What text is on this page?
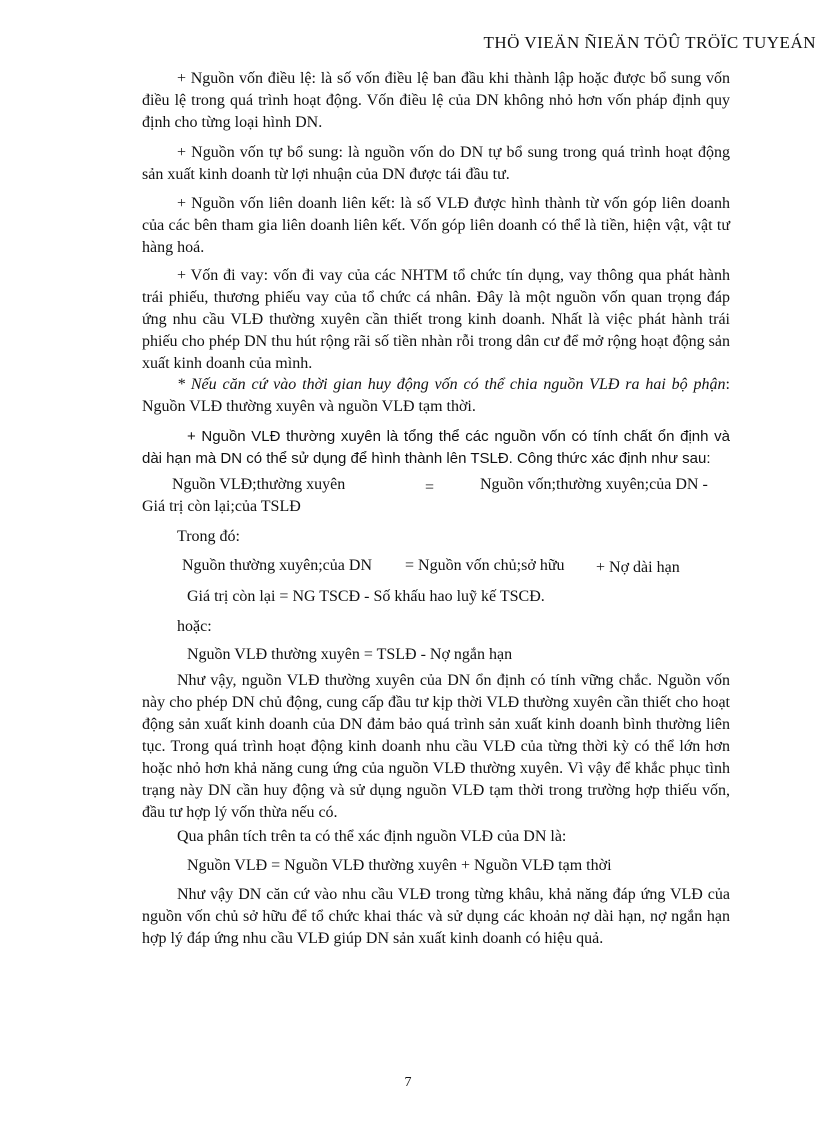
THÖ VIEÄN ÑIEÄN TÖÛ TRÖÏC TUYEÁN

+ Nguồn vốn điều lệ: là số vốn điều lệ ban đầu khi thành lập hoặc được bổ sung vốn điều lệ trong quá trình hoạt động. Vốn điều lệ của DN không nhỏ hơn vốn pháp định quy định cho từng loại hình DN.

+ Nguồn vốn tự bổ sung: là nguồn vốn do DN tự bổ sung trong quá trình hoạt động sản xuất kinh doanh từ lợi nhuận của DN được tái đầu tư.

+ Nguồn vốn liên doanh liên kết: là số VLĐ được hình thành từ vốn góp liên doanh của các bên tham gia liên doanh liên kết. Vốn góp liên doanh có thể là tiền, hiện vật, vật tư hàng hoá.

+ Vốn đi vay: vốn đi vay của các NHTM tổ chức tín dụng, vay thông qua phát hành trái phiếu, thương phiếu vay của tổ chức cá nhân. Đây là một nguồn vốn quan trọng đáp ứng nhu cầu VLĐ thường xuyên cần thiết trong kinh doanh. Nhất là việc phát hành trái phiếu cho phép DN thu hút rộng rãi số tiền nhàn rỗi trong dân cư để mở rộng hoạt động sản xuất kinh doanh của mình.

* Nếu căn cứ vào thời gian huy động vốn có thể chia nguồn VLĐ ra hai bộ phận: Nguồn VLĐ thường xuyên và nguồn VLĐ tạm thời.

+ Nguồn VLĐ thường xuyên là tổng thể các nguồn vốn có tính chất ổn định và dài hạn mà DN có thể sử dụng để hình thành lên TSLĐ. Công thức xác định như sau:

Nguồn VLĐ;thường xuyên	=	Nguồn vốn;thường xuyên;của DN -
Giá trị còn lại;của TSLĐ
Trong đó:
Nguồn thường xuyên;của DN = Nguồn vốn chủ;sở hữu + Nợ dài hạn
Giá trị còn lại = NG TSCĐ - Số khấu hao luỹ kế TSCĐ.
hoặc:
Nguồn VLĐ thường xuyên = TSLĐ - Nợ ngắn hạn

Như vậy, nguồn VLĐ thường xuyên của DN ổn định có tính vững chắc. Nguồn vốn này cho phép DN chủ động, cung cấp đầu tư kịp thời VLĐ thường xuyên cần thiết cho hoạt động sản xuất kinh doanh của DN đảm bảo quá trình sản xuất kinh doanh bình thường liên tục. Trong quá trình hoạt động kinh doanh nhu cầu VLĐ của từng thời kỳ có thể lớn hơn hoặc nhỏ hơn khả năng cung ứng của nguồn VLĐ thường xuyên. Vì vậy để khắc phục tình trạng này DN cần huy động và sử dụng nguồn VLĐ tạm thời trong trường hợp thiếu vốn, đầu tư hợp lý vốn thừa nếu có.

Qua phân tích trên ta có thể xác định nguồn VLĐ của DN là:
Nguồn VLĐ = Nguồn VLĐ thường xuyên + Nguồn VLĐ tạm thời

Như vậy DN căn cứ vào nhu cầu VLĐ trong từng khâu, khả năng đáp ứng VLĐ của nguồn vốn chủ sở hữu để tổ chức khai thác và sử dụng các khoản nợ dài hạn, nợ ngắn hạn hợp lý đáp ứng nhu cầu VLĐ giúp DN sản xuất kinh doanh có hiệu quả.

7
